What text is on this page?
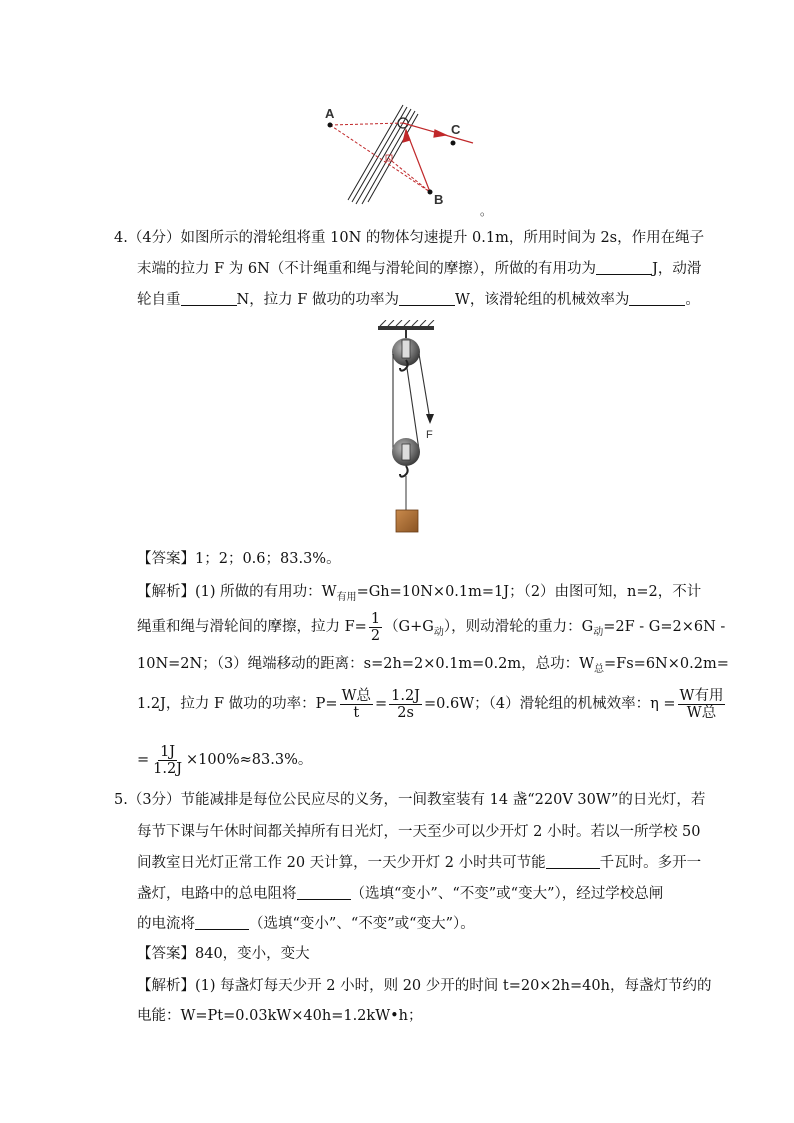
A
B
C
。
4.（4分）如图所示的滑轮组将重 10N 的物体匀速提升 0.1m，所用时间为 2s，作用在绳子
末端的拉力 F 为 6N（不计绳重和绳与滑轮间的摩擦），所做的有用功为	J，动滑
轮自重	N，拉力 F 做功的功率为	W，该滑轮组的机械效率为	。
F
【答案】1；2；0.6；83.3%。
【解析】(1) 所做的有用功：$W_{有用}=Gh=10N\times 0.1m=1J$；（2）由图可知，n=2，不计
绳重和绳与滑轮间的摩擦，拉力 $F= \frac{1}{2} (G+G_动)$，则动滑轮的重力：$G_动=2F - G=2\times 6N$ -
10N=2N；（3）绳端移动的距离：s=2h=2×0.1m=0.2m，总功：$W_总=Fs=6N\times 0.2m=$
1.2J，拉力 F 做功的功率：$P= \frac{\text{W总}}{t} = \frac{1.2J}{2s} =0.6W$；（4）滑轮组的机械效率：$\eta = \frac{\text{W有用}}{\text{W总}}$
= $\frac{1J}{1.2J} \times 100\%\approx 83.3\%$。
5.（3分）节能减排是每位公民应尽的义务，一间教室装有 14 盏“220V 30W”的日光灯，若
每节下课与午休时间都关掉所有日光灯，一天至少可以少开灯 2 小时。若以一所学校 50
间教室日光灯正常工作 20 天计算，一天少开灯 2 小时共可节能	千瓦时。多开一
盏灯，电路中的总电阻将	（选填“变小”、“不变”或“变大”），经过学校总闸
的电流将	（选填“变小”、“不变”或“变大”）。
【答案】840，变小，变大
【解析】(1) 每盏灯每天少开 2 小时，则 20 少开的时间 t=20×2h=40h，每盏灯节约的
电能：W=Pt=0.03kW×40h=1.2kW•h；
